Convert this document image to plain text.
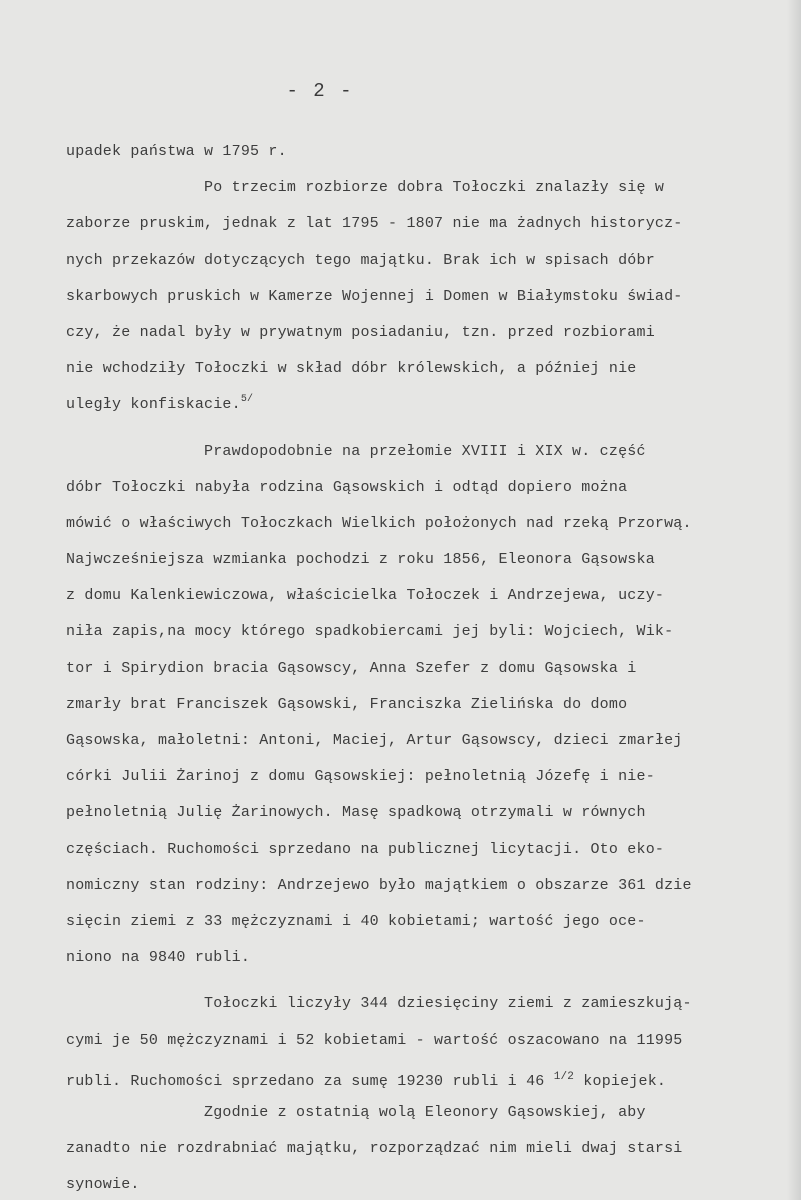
- 2 -
upadek państwa w 1795 r.
Po trzecim rozbiorze dobra Tołoczki znalazły się w
zaborze pruskim, jednak z lat 1795 - 1807 nie ma żadnych historycz-
nych przekazów dotyczących tego majątku. Brak ich w spisach dóbr
skarbowych pruskich w Kamerze Wojennej i Domen w Białymstoku świad-
czy, że nadal były w prywatnym posiadaniu, tzn. przed rozbiorami
nie wchodziły Tołoczki w skład dóbr królewskich, a później nie
uległy konfiskacie.$^{5/}$
Prawdopodobnie na przełomie XVIII i XIX w. część
dóbr Tołoczki nabyła rodzina Gąsowskich i odtąd dopiero można
mówić o właściwych Tołoczkach Wielkich położonych nad rzeką Przorwą.
Najwcześniejsza wzmianka pochodzi z roku 1856, Eleonora Gąsowska
z domu Kalenkiewiczowa, właścicielka Tołoczek i Andrzejewa, uczy-
niła zapis,na mocy którego spadkobiercami jej byli: Wojciech, Wik-
tor i Spirydion bracia Gąsowscy, Anna Szefer z domu Gąsowska i
zmarły brat Franciszek Gąsowski, Franciszka Zielińska do domo
Gąsowska, małoletni: Antoni, Maciej, Artur Gąsowscy, dzieci zmarłej
córki Julii Żarinoj z domu Gąsowskiej: pełnoletnią Józefę i nie-
pełnoletnią Julię Żarinowych. Masę spadkową otrzymali w równych
częściach. Ruchomości sprzedano na publicznej licytacji. Oto eko-
nomiczny stan rodziny: Andrzejewo było majątkiem o obszarze 361 dzie
sięcin ziemi z 33 mężczyznami i 40 kobietami; wartość jego oce-
niono na 9840 rubli.
Tołoczki liczyły 344 dziesięciny ziemi z zamieszkują-
cymi je 50 mężczyznami i 52 kobietami - wartość oszacowano na 11995
rubli. Ruchomości sprzedano za sumę 19230 rubli i 46 $^{1/2}$ kopiejek.
Zgodnie z ostatnią wolą Eleonory Gąsowskiej, aby
zanadto nie rozdrabniać majątku, rozporządzać nim mieli dwaj starsi
synowie.
